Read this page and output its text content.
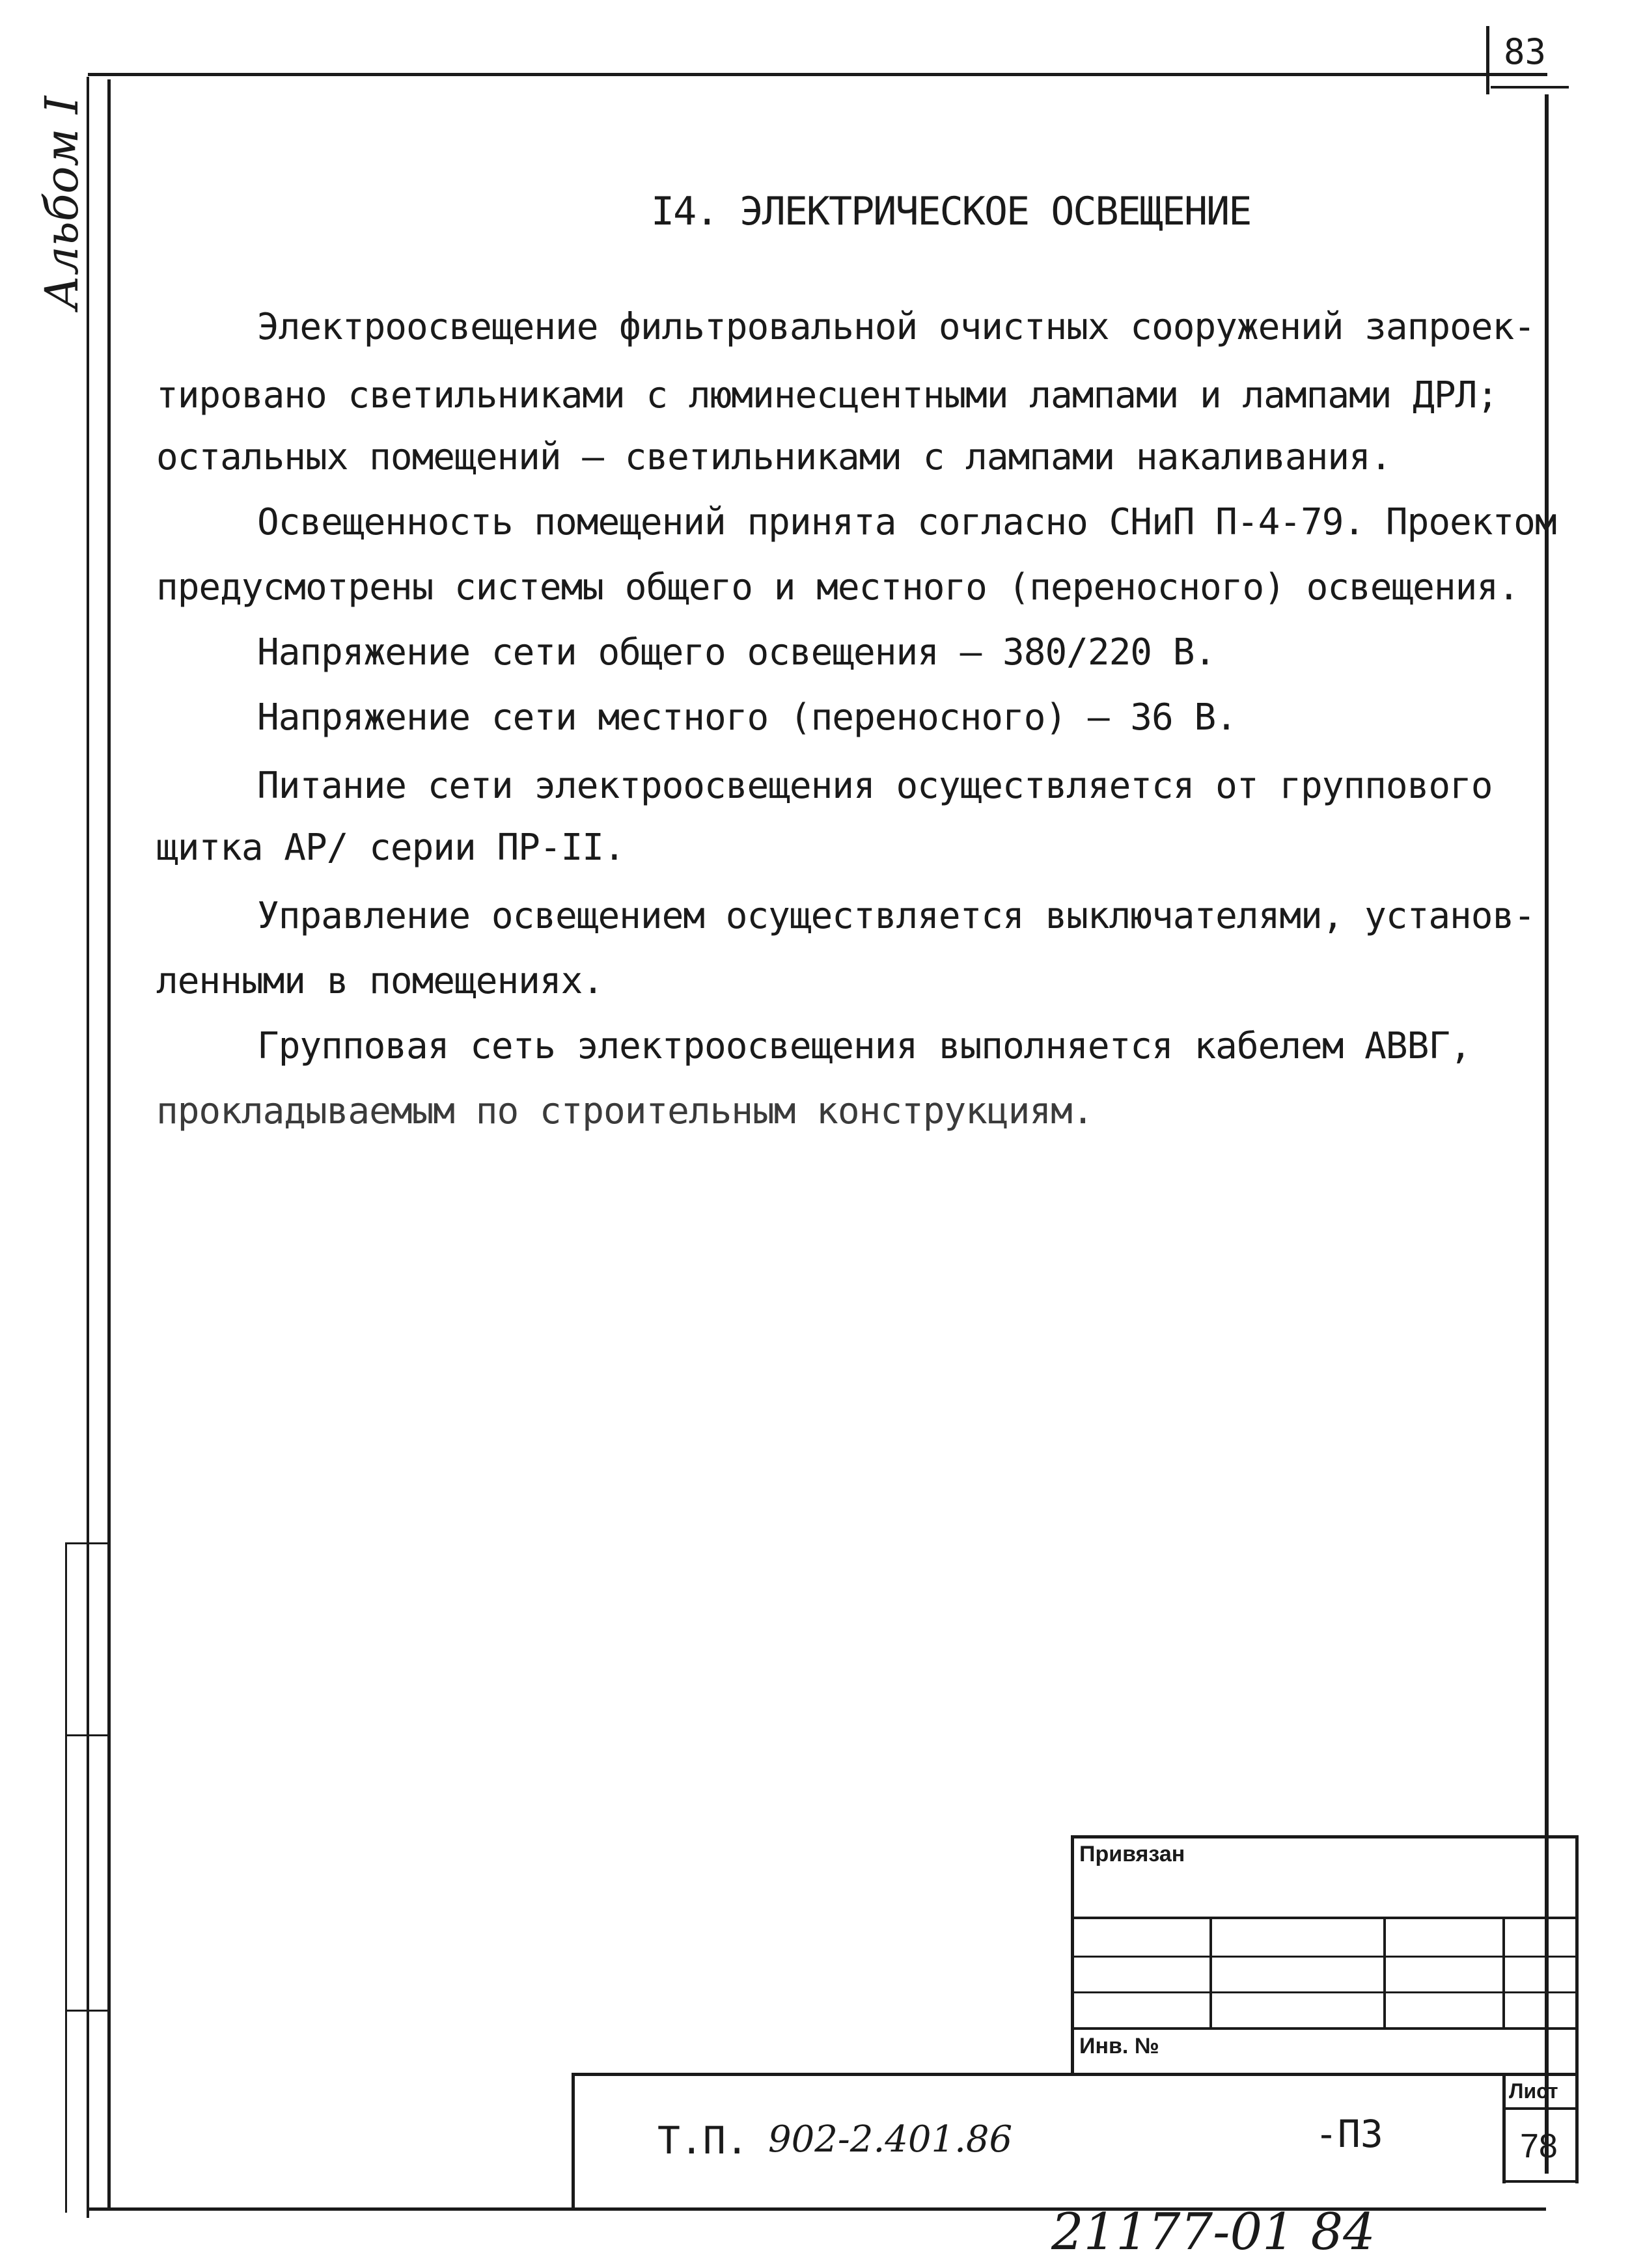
83
Альбом I	I4. ЭЛЕКТРИЧЕСКОЕ ОСВЕЩЕНИЕ
Электроосвещение фильтровальной очистных сооружений запроек-
тировано светильниками с люминесцентными лампами и лампами ДРЛ;
остальных помещений – светильниками с лампами накаливания.
Освещенность помещений принята согласно СНиП П-4-79. Проектом
предусмотрены системы общего и местного (переносного) освещения.
Напряжение сети общего освещения – 380/220 В.
Напряжение сети местного (переносного) – 36 В.
Питание сети электроосвещения осуществляется от группового
щитка АР/ серии ПР-II.
Управление освещением осуществляется выключателями, установ-
ленными в помещениях.
Групповая сеть электроосвещения выполняется кабелем АВВГ,
прокладываемым по строительным конструкциям.
Привязан
Инв. №
Лист
78
Т.П. 902-2.401.86	-ПЗ
21177-01 84
